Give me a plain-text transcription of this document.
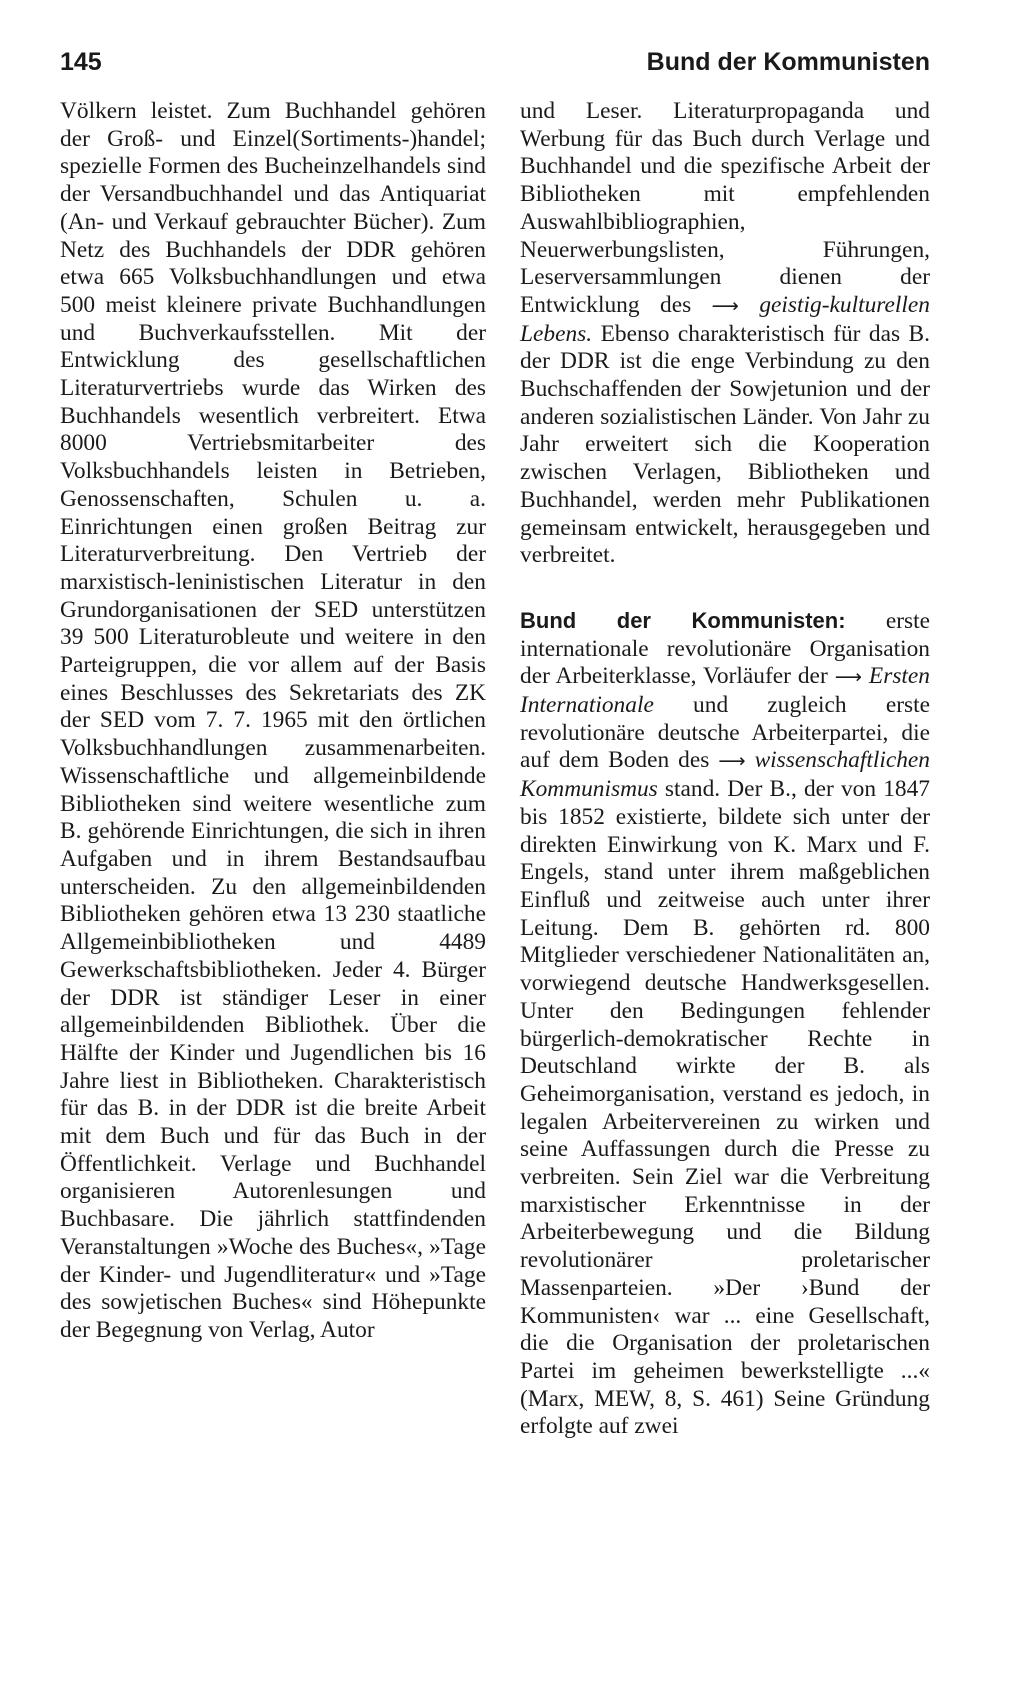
145	Bund der Kommunisten

Völkern leistet. Zum Buchhandel gehören der Groß- und Einzel(Sortiments-)handel; spezielle Formen des Bucheinzelhandels sind der Versandbuchhandel und das Antiquariat (An- und Verkauf gebrauchter Bücher). Zum Netz des Buchhandels der DDR gehören etwa 665 Volksbuchhandlungen und etwa 500 meist kleinere private Buchhandlungen und Buchverkaufsstellen. Mit der Entwicklung des gesellschaftlichen Literaturvertriebs wurde das Wirken des Buchhandels wesentlich verbreitert. Etwa 8000 Vertriebsmitarbeiter des Volksbuchhandels leisten in Betrieben, Genossenschaften, Schulen u. a. Einrichtungen einen großen Beitrag zur Literaturverbreitung. Den Vertrieb der marxistisch-leninistischen Literatur in den Grundorganisationen der SED unterstützen 39 500 Literaturobleute und weitere in den Parteigruppen, die vor allem auf der Basis eines Beschlusses des Sekretariats des ZK der SED vom 7. 7. 1965 mit den örtlichen Volksbuchhandlungen zusammenarbeiten. Wissenschaftliche und allgemeinbildende Bibliotheken sind weitere wesentliche zum B. gehörende Einrichtungen, die sich in ihren Aufgaben und in ihrem Bestandsaufbau unterscheiden. Zu den allgemeinbildenden Bibliotheken gehören etwa 13 230 staatliche Allgemeinbibliotheken und 4489 Gewerkschaftsbibliotheken. Jeder 4. Bürger der DDR ist ständiger Leser in einer allgemeinbildenden Bibliothek. Über die Hälfte der Kinder und Jugendlichen bis 16 Jahre liest in Bibliotheken. Charakteristisch für das B. in der DDR ist die breite Arbeit mit dem Buch und für das Buch in der Öffentlichkeit. Verlage und Buchhandel organisieren Autorenlesungen und Buchbasare. Die jährlich stattfindenden Veranstaltungen »Woche des Buches«, »Tage der Kinder- und Jugendliteratur« und »Tage des sowjetischen Buches« sind Höhepunkte der Begegnung von Verlag, Autor

und Leser. Literaturpropaganda und Werbung für das Buch durch Verlage und Buchhandel und die spezifische Arbeit der Bibliotheken mit empfehlenden Auswahlbibliographien, Neuerwerbungslisten, Führungen, Leserversammlungen dienen der Entwicklung des ⟶ geistig-kulturellen Lebens. Ebenso charakteristisch für das B. der DDR ist die enge Verbindung zu den Buchschaffenden der Sowjetunion und der anderen sozialistischen Länder. Von Jahr zu Jahr erweitert sich die Kooperation zwischen Verlagen, Bibliotheken und Buchhandel, werden mehr Publikationen gemeinsam entwickelt, herausgegeben und verbreitet.

Bund der Kommunisten: erste internationale revolutionäre Organisation der Arbeiterklasse, Vorläufer der ⟶ Ersten Internationale und zugleich erste revolutionäre deutsche Arbeiterpartei, die auf dem Boden des ⟶ wissenschaftlichen Kommunismus stand. Der B., der von 1847 bis 1852 existierte, bildete sich unter der direkten Einwirkung von K. Marx und F. Engels, stand unter ihrem maßgeblichen Einfluß und zeitweise auch unter ihrer Leitung. Dem B. gehörten rd. 800 Mitglieder verschiedener Nationalitäten an, vorwiegend deutsche Handwerksgesellen. Unter den Bedingungen fehlender bürgerlich-demokratischer Rechte in Deutschland wirkte der B. als Geheimorganisation, verstand es jedoch, in legalen Arbeitervereinen zu wirken und seine Auffassungen durch die Presse zu verbreiten. Sein Ziel war die Verbreitung marxistischer Erkenntnisse in der Arbeiterbewegung und die Bildung revolutionärer proletarischer Massenparteien. »Der ›Bund der Kommunisten‹ war ... eine Gesellschaft, die die Organisation der proletarischen Partei im geheimen bewerkstelligte ...« (Marx, MEW, 8, S. 461) Seine Gründung erfolgte auf zwei
